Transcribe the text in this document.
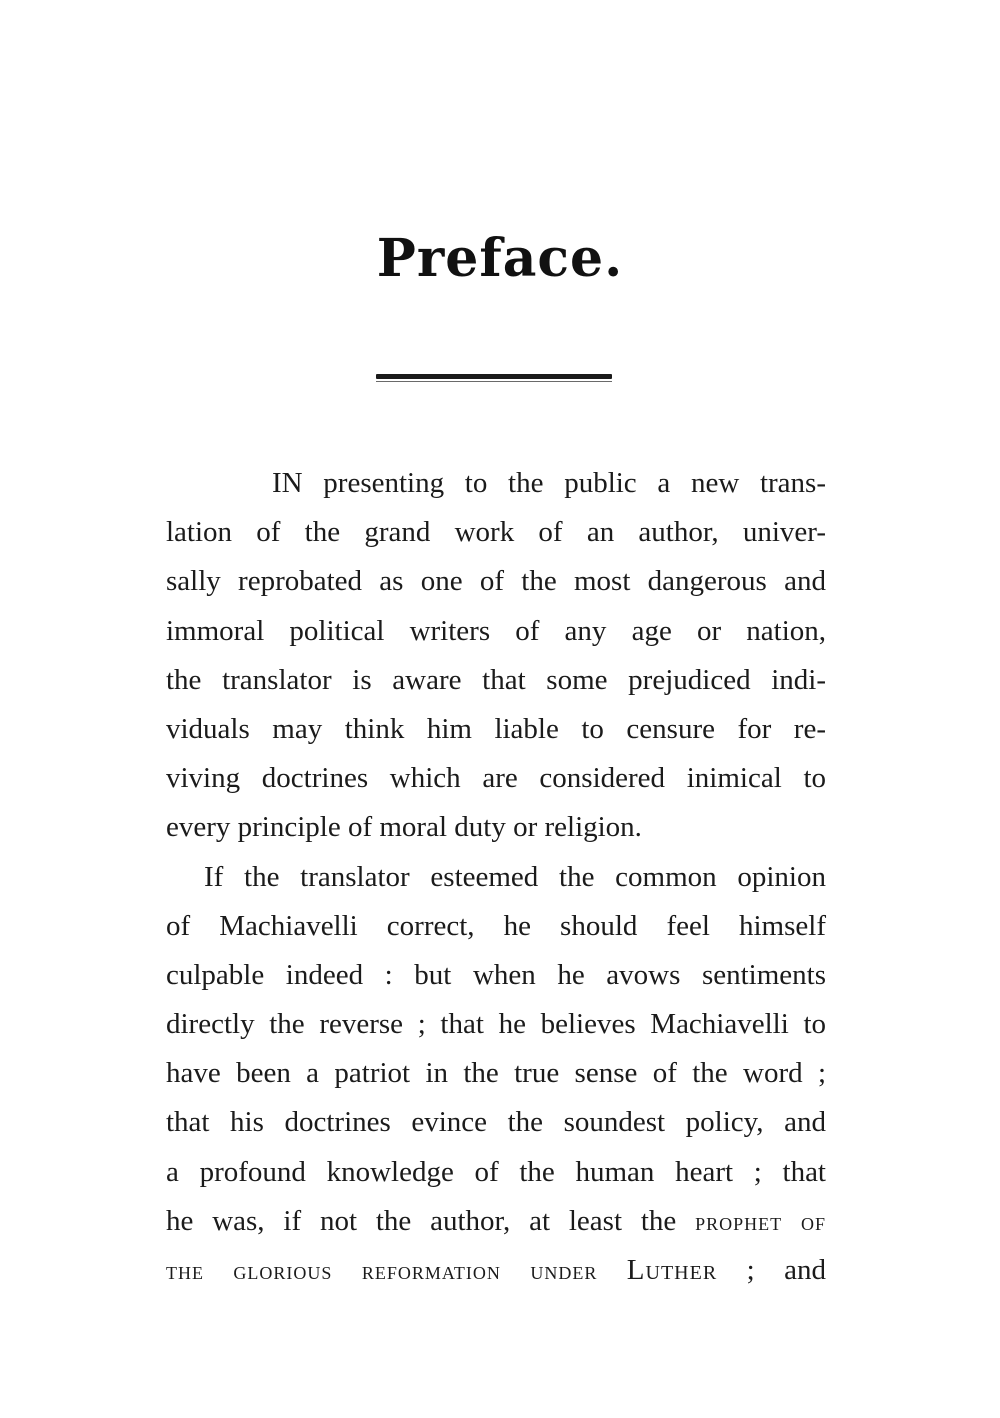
Preface.
IN presenting to the public a new trans-
lation of the grand work of an author, univer-
sally reprobated as one of the most dangerous and
immoral political writers of any age or nation,
the translator is aware that some prejudiced indi-
viduals may think him liable to censure for re-
viving doctrines which are considered inimical to
every principle of moral duty or religion.
If the translator esteemed the common opinion
of Machiavelli correct, he should feel himself
culpable indeed : but when he avows sentiments
directly the reverse ; that he believes Machiavelli to
have been a patriot in the true sense of the word ;
that his doctrines evince the soundest policy, and
a profound knowledge of the human heart ; that
he was, if not the author, at least the prophet of
the glorious reformation under Luther ; and
